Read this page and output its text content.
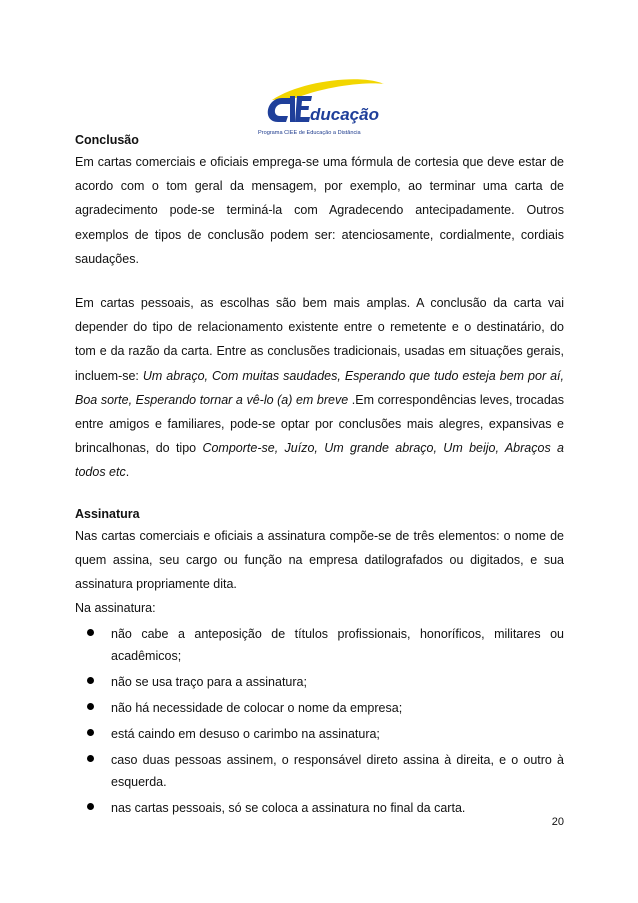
ducação
Programa CIEE de Educação a Distância
Conclusão

Em cartas comerciais e oficiais emprega-se uma fórmula de cortesia que deve estar de acordo com o tom geral da mensagem, por exemplo, ao terminar uma carta de agradecimento pode-se terminá-la com Agradecendo antecipadamente. Outros exemplos de tipos de conclusão podem ser: atenciosamente, cordialmente, cordiais saudações.

Em cartas pessoais, as escolhas são bem mais amplas. A conclusão da carta vai depender do tipo de relacionamento existente entre o remetente e o destinatário, do tom e da razão da carta. Entre as conclusões tradicionais, usadas em situações gerais, incluem-se: Um abraço, Com muitas saudades, Esperando que tudo esteja bem por aí, Boa sorte, Esperando tornar a vê-lo (a) em breve .Em correspondências leves, trocadas entre amigos e familiares, pode-se optar por conclusões mais alegres, expansivas e brincalhonas, do tipo Comporte-se, Juízo, Um grande abraço, Um beijo, Abraços a todos etc.

Assinatura

Nas cartas comerciais e oficiais a assinatura compõe-se de três elementos: o nome de quem assina, seu cargo ou função na empresa datilografados ou digitados, e sua assinatura propriamente dita.

Na assinatura:

não cabe a anteposição de títulos profissionais, honoríficos, militares ou acadêmicos;
não se usa traço para a assinatura;
não há necessidade de colocar o nome da empresa;
está caindo em desuso o carimbo na assinatura;
caso duas pessoas assinem, o responsável direto assina à direita, e o outro à esquerda.
nas cartas pessoais, só se coloca a assinatura no final da carta.
20
